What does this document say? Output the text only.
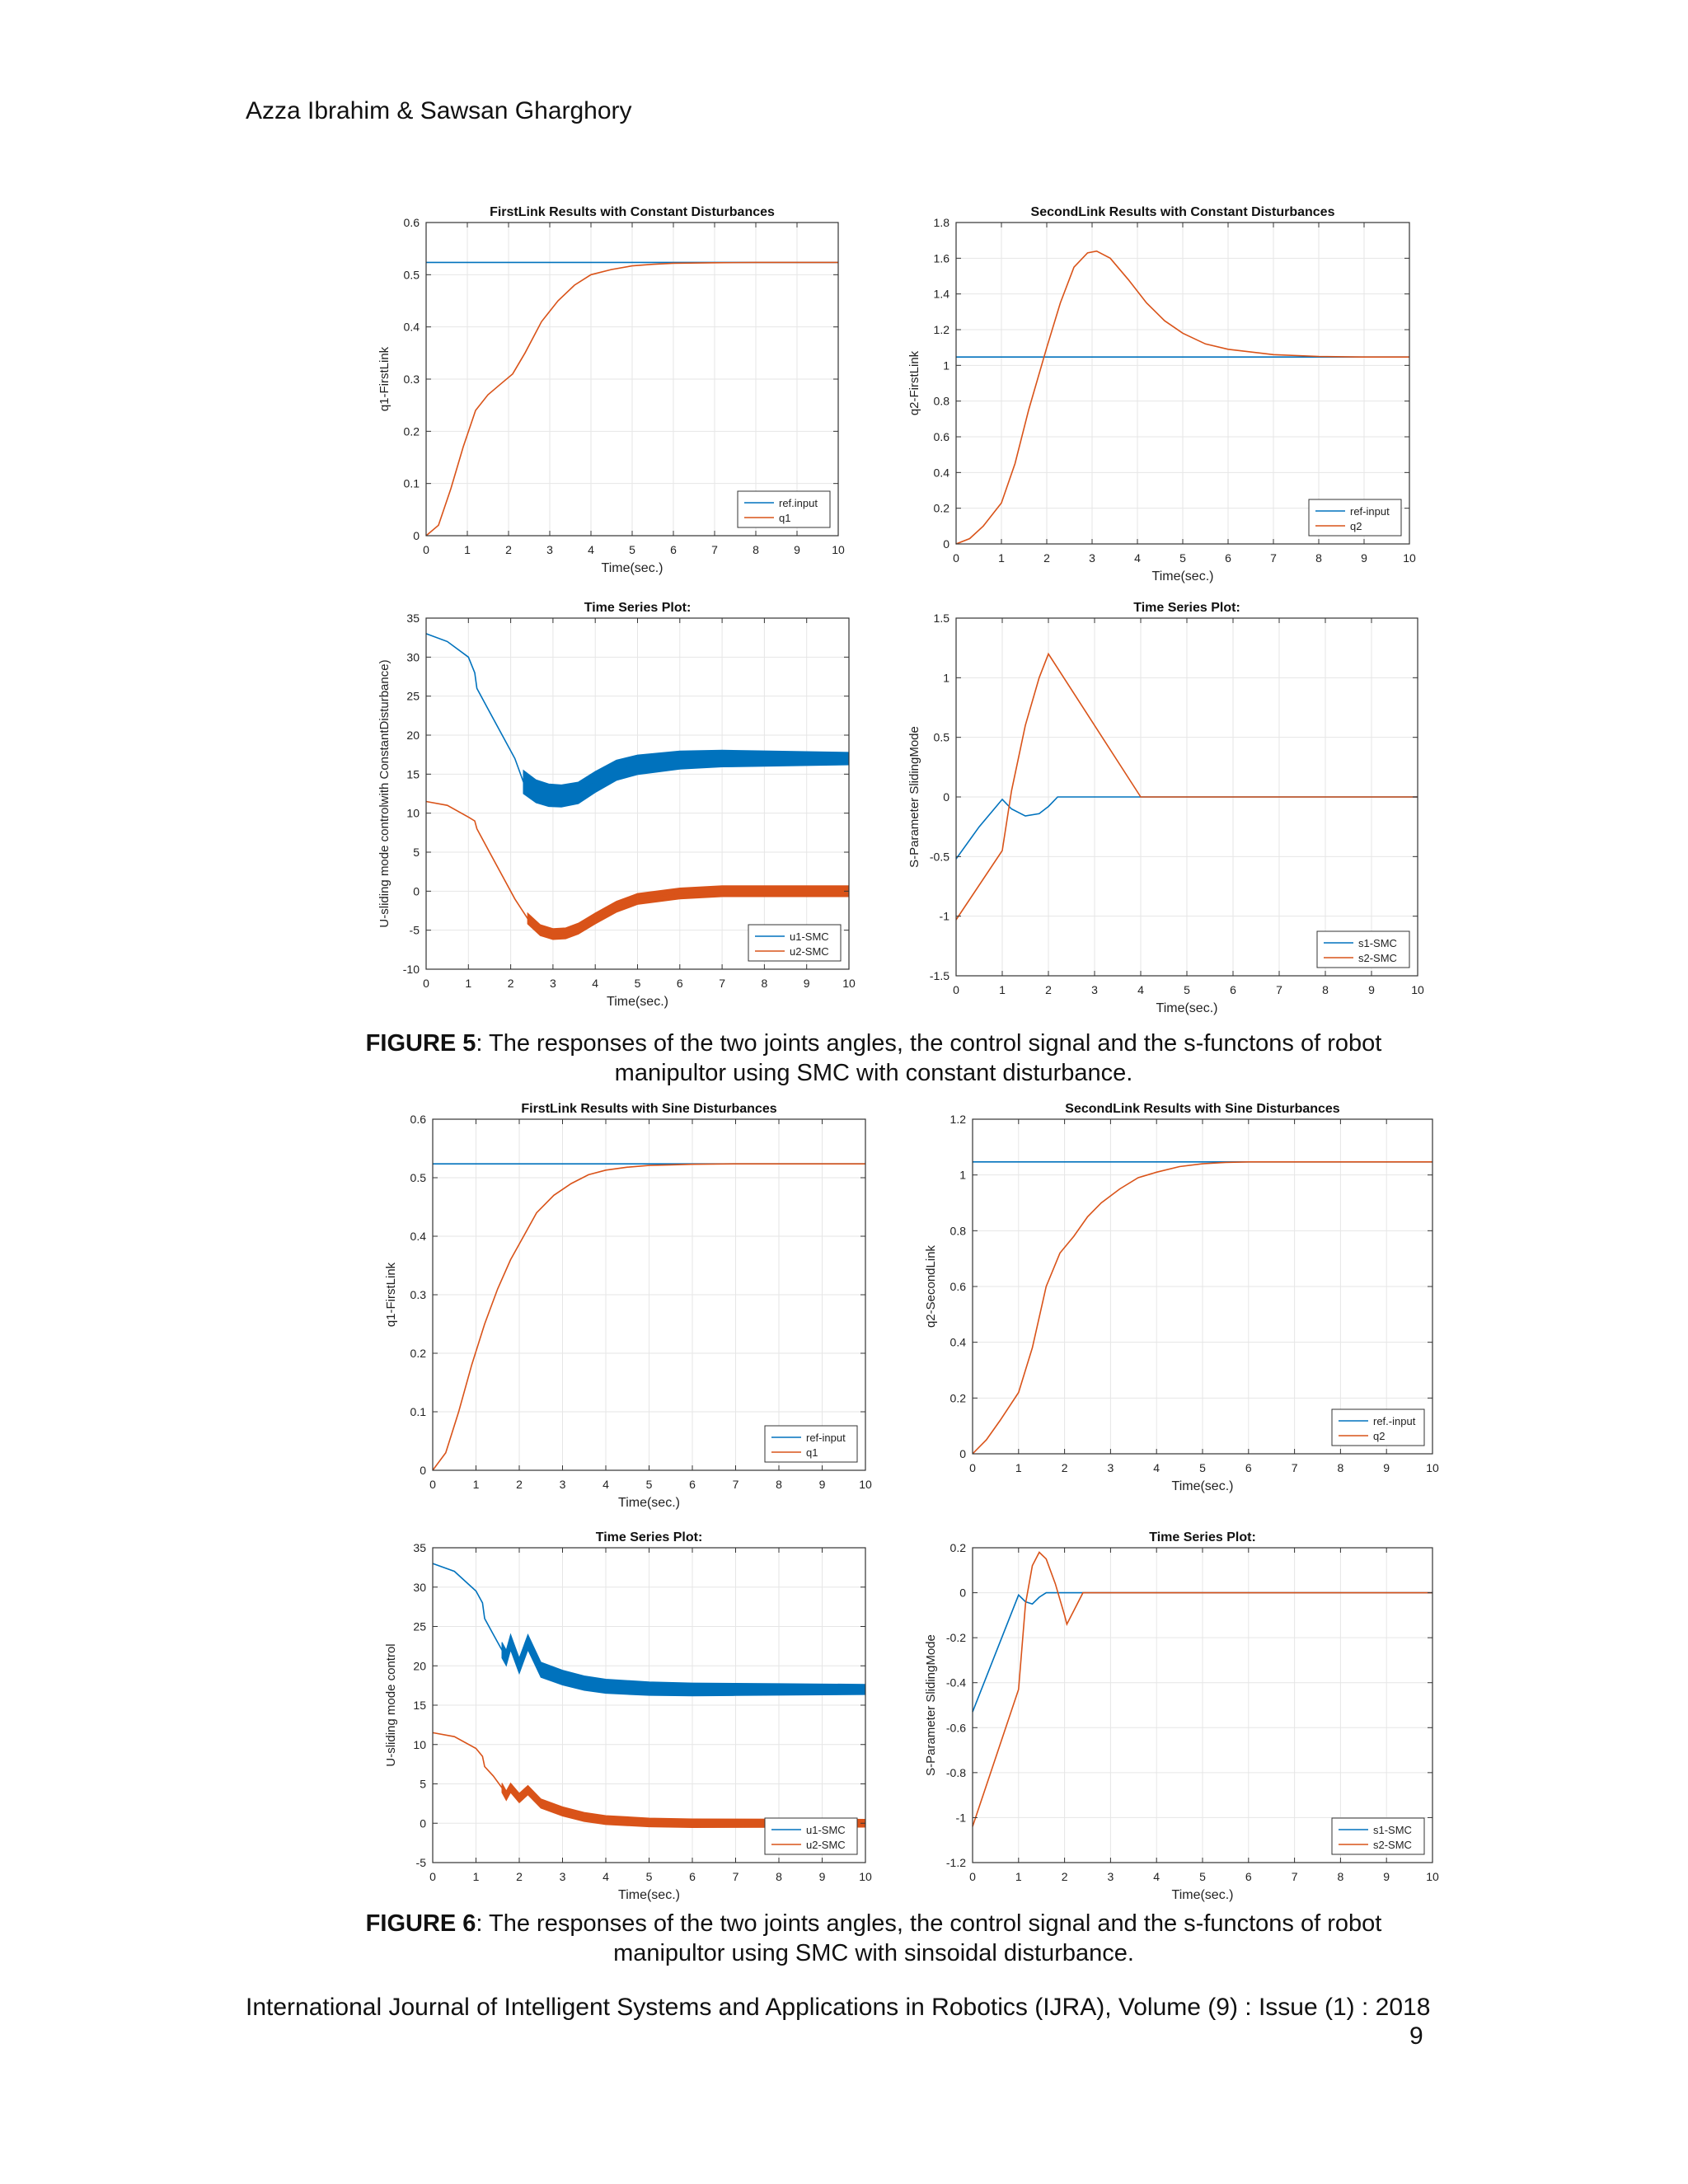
Azza Ibrahim & Sawsan Gharghory
0	1	2	3	4	5	6	7	8	9	10
0
0.1
0.2
0.3
0.4
0.5
0.6
FirstLink Results with Constant Disturbances
Time(sec.)
q1-FirstLink
ref.input
q1
0	1	2	3	4	5	6	7	8	9	10
0
0.2
0.4
0.6
0.8
1
1.2
1.4
1.6
1.8
SecondLink Results with Constant Disturbances
Time(sec.)
q2-FirstLink
ref-input
q2
0	1	2	3	4	5	6	7	8	9	10
-10
-5
0
5
10
15
20
25
30
35
Time Series Plot:
Time(sec.)
U-sliding mode controlwith ConstantDisturbance)
u1-SMC
u2-SMC
0	1	2	3	4	5	6	7	8	9	10
-1.5
-1
-0.5
0
0.5
1
1.5
Time Series Plot:
Time(sec.)
S-Parameter SlidingMode
s1-SMC
s2-SMC
FIGURE 5: The responses of the two joints angles, the control signal and the s-functons of robot manipultor using SMC with constant disturbance.
0	1	2	3	4	5	6	7	8	9	10
0
0.1
0.2
0.3
0.4
0.5
0.6
FirstLink Results with Sine Disturbances
Time(sec.)
q1-FirstLink
ref-input
q1
0	1	2	3	4	5	6	7	8	9	10
0
0.2
0.4
0.6
0.8
1
1.2
SecondLink Results with Sine Disturbances
Time(sec.)
q2-SecondLink
ref.-input
q2
0	1	2	3	4	5	6	7	8	9	10
-5
0
5
10
15
20
25
30
35
Time Series Plot:
Time(sec.)
U-sliding mode control
u1-SMC
u2-SMC
0	1	2	3	4	5	6	7	8	9	10
-1.2
-1
-0.8
-0.6
-0.4
-0.2
0
0.2
Time Series Plot:
Time(sec.)
S-Parameter SlidingMode
s1-SMC
s2-SMC
FIGURE 6: The responses of the two joints angles, the control signal and the s-functons of robot manipultor using SMC with sinsoidal disturbance.
International Journal of Intelligent Systems and Applications in Robotics (IJRA), Volume (9) : Issue (1) : 2018
9
